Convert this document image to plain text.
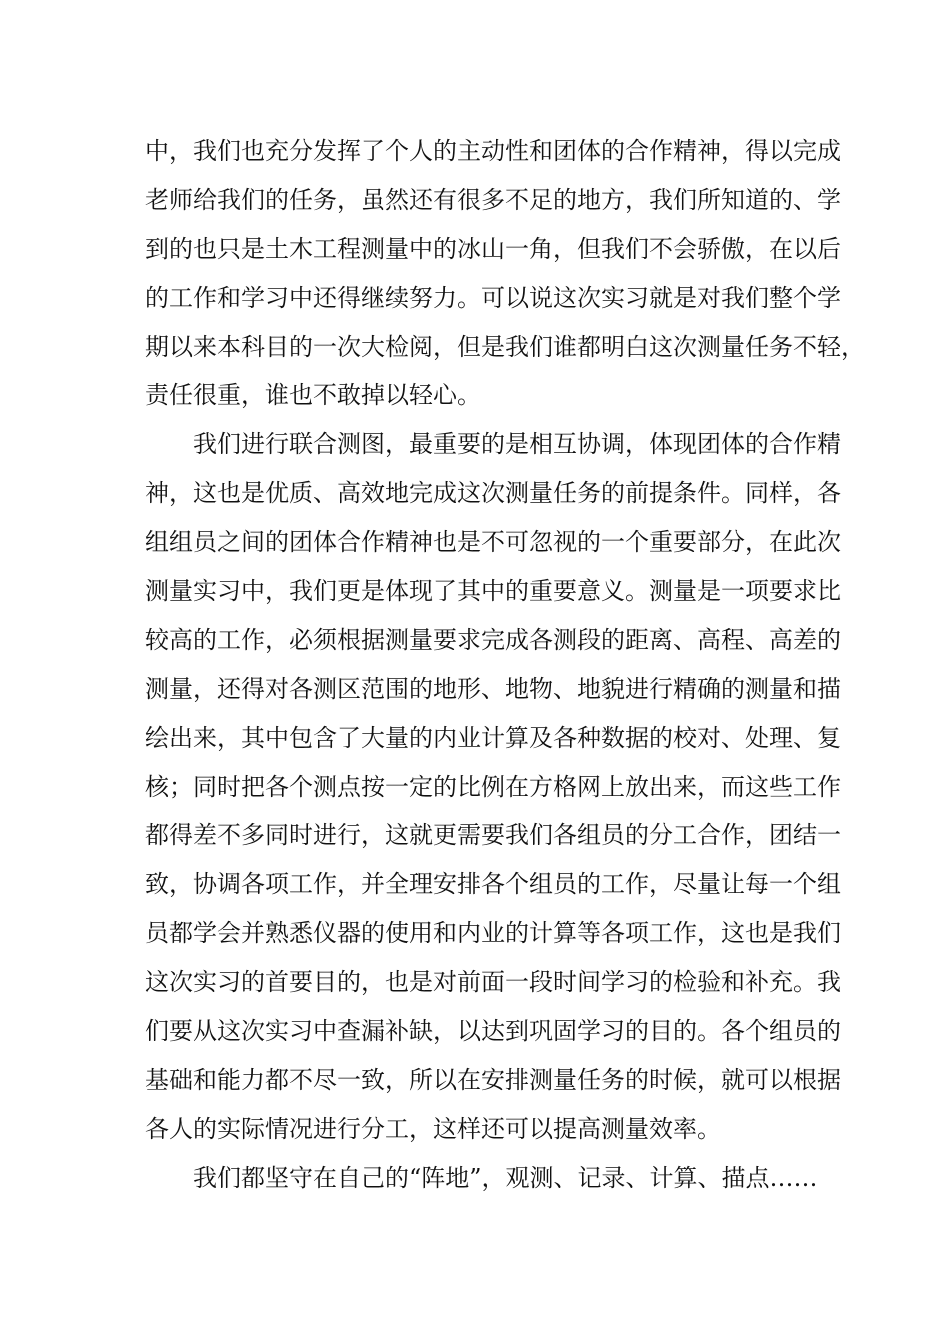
中，我们也充分发挥了个人的主动性和团体的合作精神，得以完成
老师给我们的任务，虽然还有很多不足的地方，我们所知道的、学
到的也只是土木工程测量中的冰山一角，但我们不会骄傲，在以后
的工作和学习中还得继续努力。可以说这次实习就是对我们整个学
期以来本科目的一次大检阅，但是我们谁都明白这次测量任务不轻，
责任很重，谁也不敢掉以轻心。
我们进行联合测图，最重要的是相互协调，体现团体的合作精
神，这也是优质、高效地完成这次测量任务的前提条件。同样，各
组组员之间的团体合作精神也是不可忽视的一个重要部分，在此次
测量实习中，我们更是体现了其中的重要意义。测量是一项要求比
较高的工作，必须根据测量要求完成各测段的距离、高程、高差的
测量，还得对各测区范围的地形、地物、地貌进行精确的测量和描
绘出来，其中包含了大量的内业计算及各种数据的校对、处理、复
核；同时把各个测点按一定的比例在方格网上放出来，而这些工作
都得差不多同时进行，这就更需要我们各组员的分工合作，团结一
致，协调各项工作，并全理安排各个组员的工作，尽量让每一个组
员都学会并熟悉仪器的使用和内业的计算等各项工作，这也是我们
这次实习的首要目的，也是对前面一段时间学习的检验和补充。我
们要从这次实习中查漏补缺，以达到巩固学习的目的。各个组员的
基础和能力都不尽一致，所以在安排测量任务的时候，就可以根据
各人的实际情况进行分工，这样还可以提高测量效率。
我们都坚守在自己的“阵地”，观测、记录、计算、描点……
